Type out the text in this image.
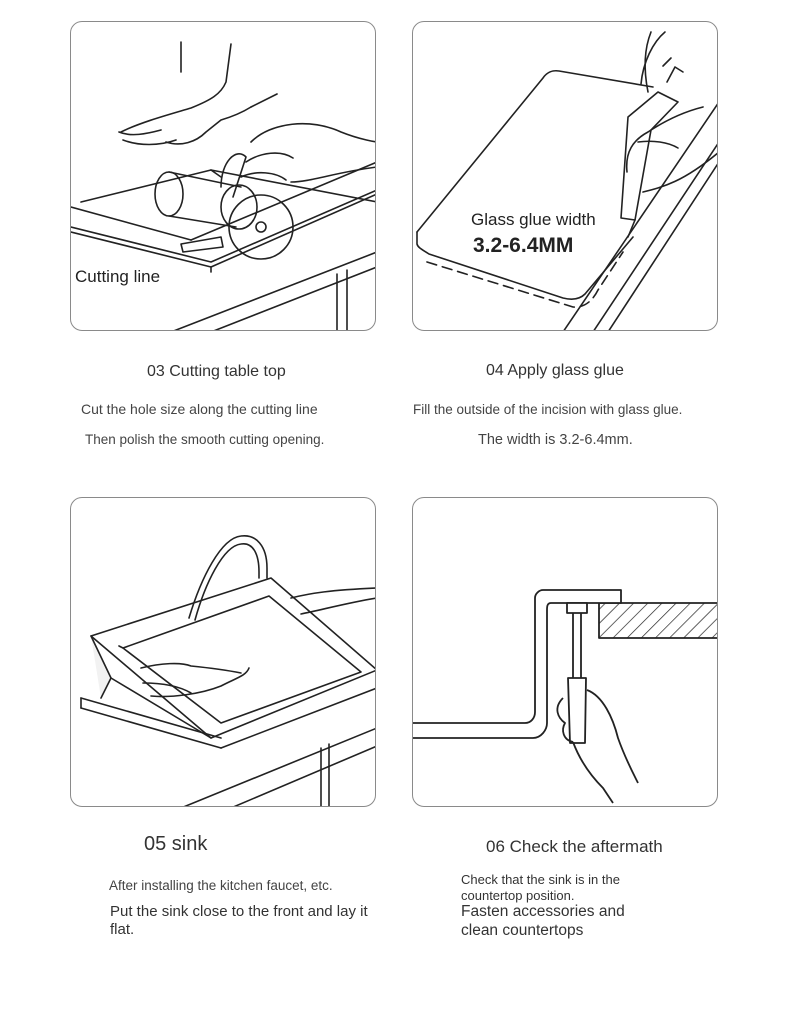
Cutting line
Glass glue width
3.2-6.4MM
03 Cutting table top	04 Apply glass glue
05 sink	06 Check the aftermath
Cut the hole size along the cutting line
Then polish the smooth cutting opening.
Fill the outside of the incision with glass glue.
The width is 3.2-6.4mm.
After installing the kitchen faucet, etc.
Put the sink close to the front and lay it flat.
Check that the sink is in the countertop position.
Fasten accessories and clean countertops
